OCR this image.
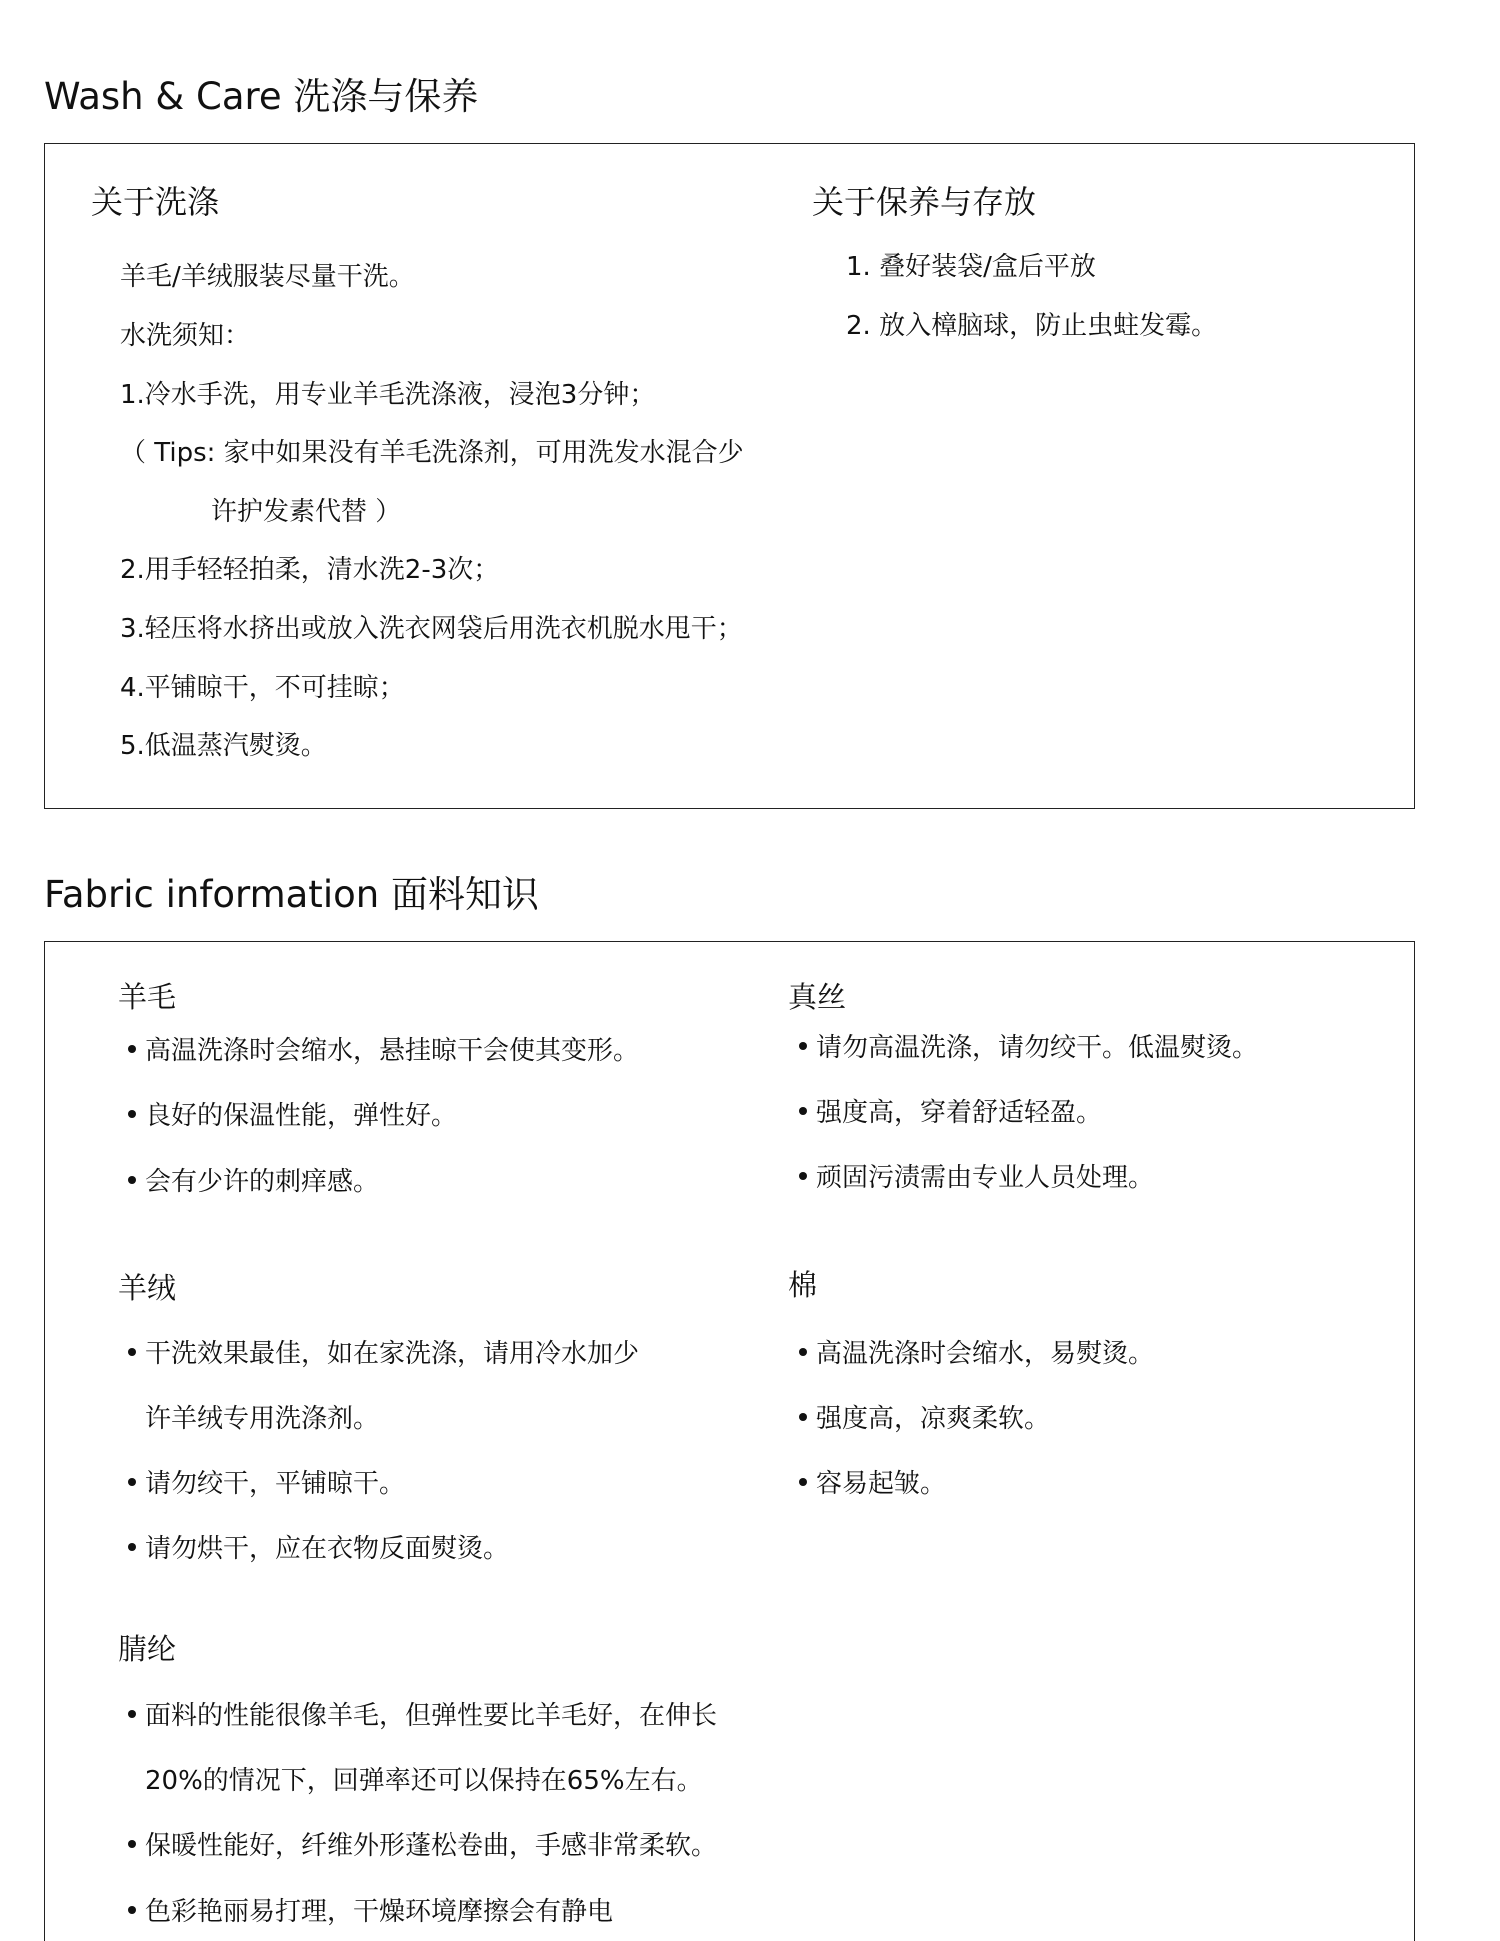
Wash & Care 洗涤与保养
关于洗涤
羊毛/羊绒服装尽量干洗。
水洗须知：
1.冷水手洗，用专业羊毛洗涤液，浸泡3分钟；
（ Tips: 家中如果没有羊毛洗涤剂，可用洗发水混合少
许护发素代替 ）
2.用手轻轻拍柔，清水洗2-3次；
3.轻压将水挤出或放入洗衣网袋后用洗衣机脱水甩干；
4.平铺晾干，不可挂晾；
5.低温蒸汽熨烫。
关于保养与存放
1. 叠好装袋/盒后平放
2. 放入樟脑球，防止虫蛀发霉。
Fabric information 面料知识
羊毛
高温洗涤时会缩水，悬挂晾干会使其变形。
良好的保温性能，弹性好。
会有少许的刺痒感。
真丝
请勿高温洗涤，请勿绞干。低温熨烫。
强度高，穿着舒适轻盈。
顽固污渍需由专业人员处理。
羊绒
干洗效果最佳，如在家洗涤，请用冷水加少
许羊绒专用洗涤剂。
请勿绞干，平铺晾干。
请勿烘干，应在衣物反面熨烫。
棉
高温洗涤时会缩水，易熨烫。
强度高，凉爽柔软。
容易起皱。
腈纶
面料的性能很像羊毛，但弹性要比羊毛好，在伸长
20%的情况下，回弹率还可以保持在65%左右。
保暖性能好，纤维外形蓬松卷曲，手感非常柔软。
色彩艳丽易打理，干燥环境摩擦会有静电
